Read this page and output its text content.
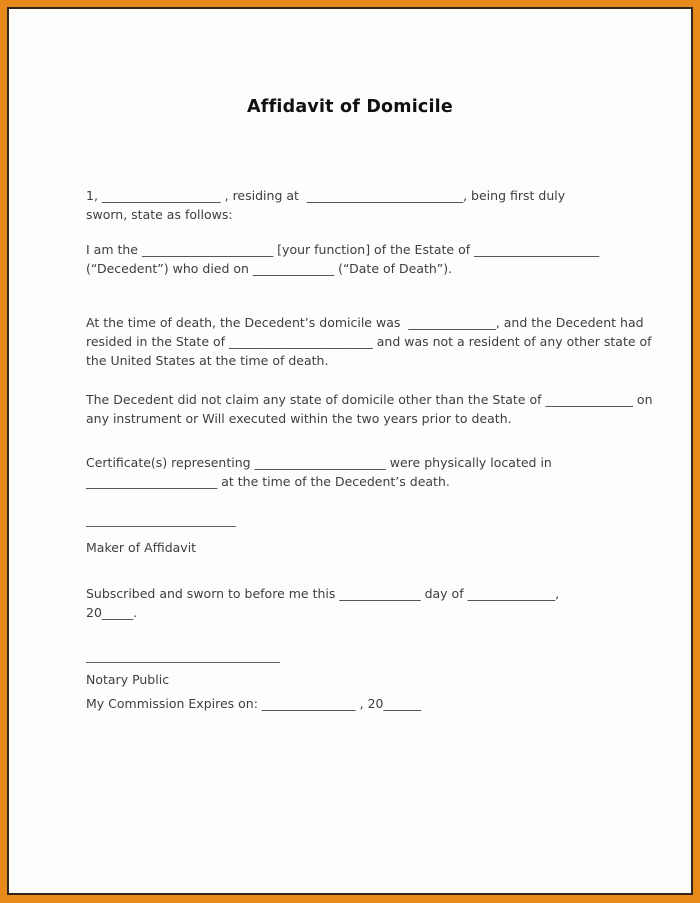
Affidavit of Domicile
1, ___________________ , residing at  _________________________, being first duly
sworn, state as follows:
I am the _____________________ [your function] of the Estate of ____________________
(“Decedent”) who died on _____________ (“Date of Death”).
At the time of death, the Decedent’s domicile was  ______________, and the Decedent had
resided in the State of _______________________ and was not a resident of any other state of
the United States at the time of death.
The Decedent did not claim any state of domicile other than the State of ______________ on
any instrument or Will executed within the two years prior to death.
Certificate(s) representing _____________________ were physically located in
_____________________ at the time of the Decedent’s death.
________________________
Maker of Affidavit
Subscribed and sworn to before me this _____________ day of ______________,
20_____.
_______________________________
Notary Public
My Commission Expires on: _______________ , 20______
